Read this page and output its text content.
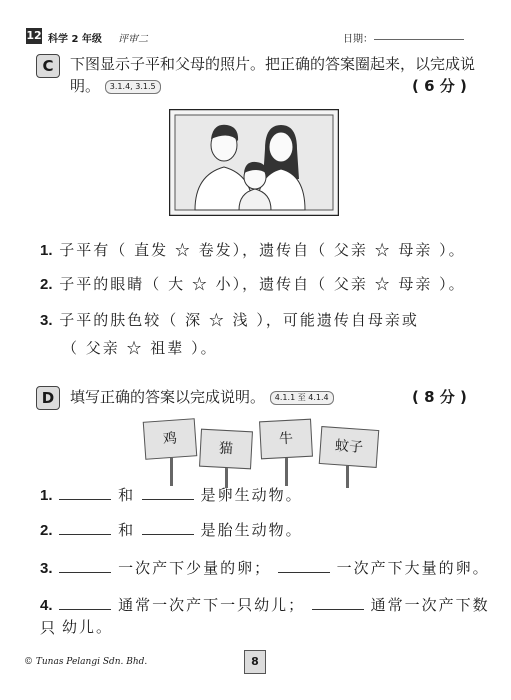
12 科学 2 年级 评审二	日期：
C	下图显示子平和父母的照片。把正确的答案圈起来，以完成说
明。 3.1.4, 3.1.5	( 6 分 )
1. 子平有（ 直发 ☆ 卷发），遗传自（ 父亲 ☆ 母亲 ）。
2. 子平的眼睛（ 大 ☆ 小），遗传自（ 父亲 ☆ 母亲 ）。
3. 子平的肤色较（ 深 ☆ 浅 ），可能遗传自母亲或
（ 父亲 ☆ 祖辈 ）。
D	填写正确的答案以完成说明。 4.1.1 至 4.1.4	( 8 分 )
鸡
猫
牛	蚊子
1.	和	是卵生动物。
2.	和	是胎生动物。
3.	一次产下少量的卵；	一次产下大量的卵。
4.	通常一次产下一只幼儿；	通常一次产下数只 幼儿。
© Tunas Pelangi Sdn. Bhd.	8
